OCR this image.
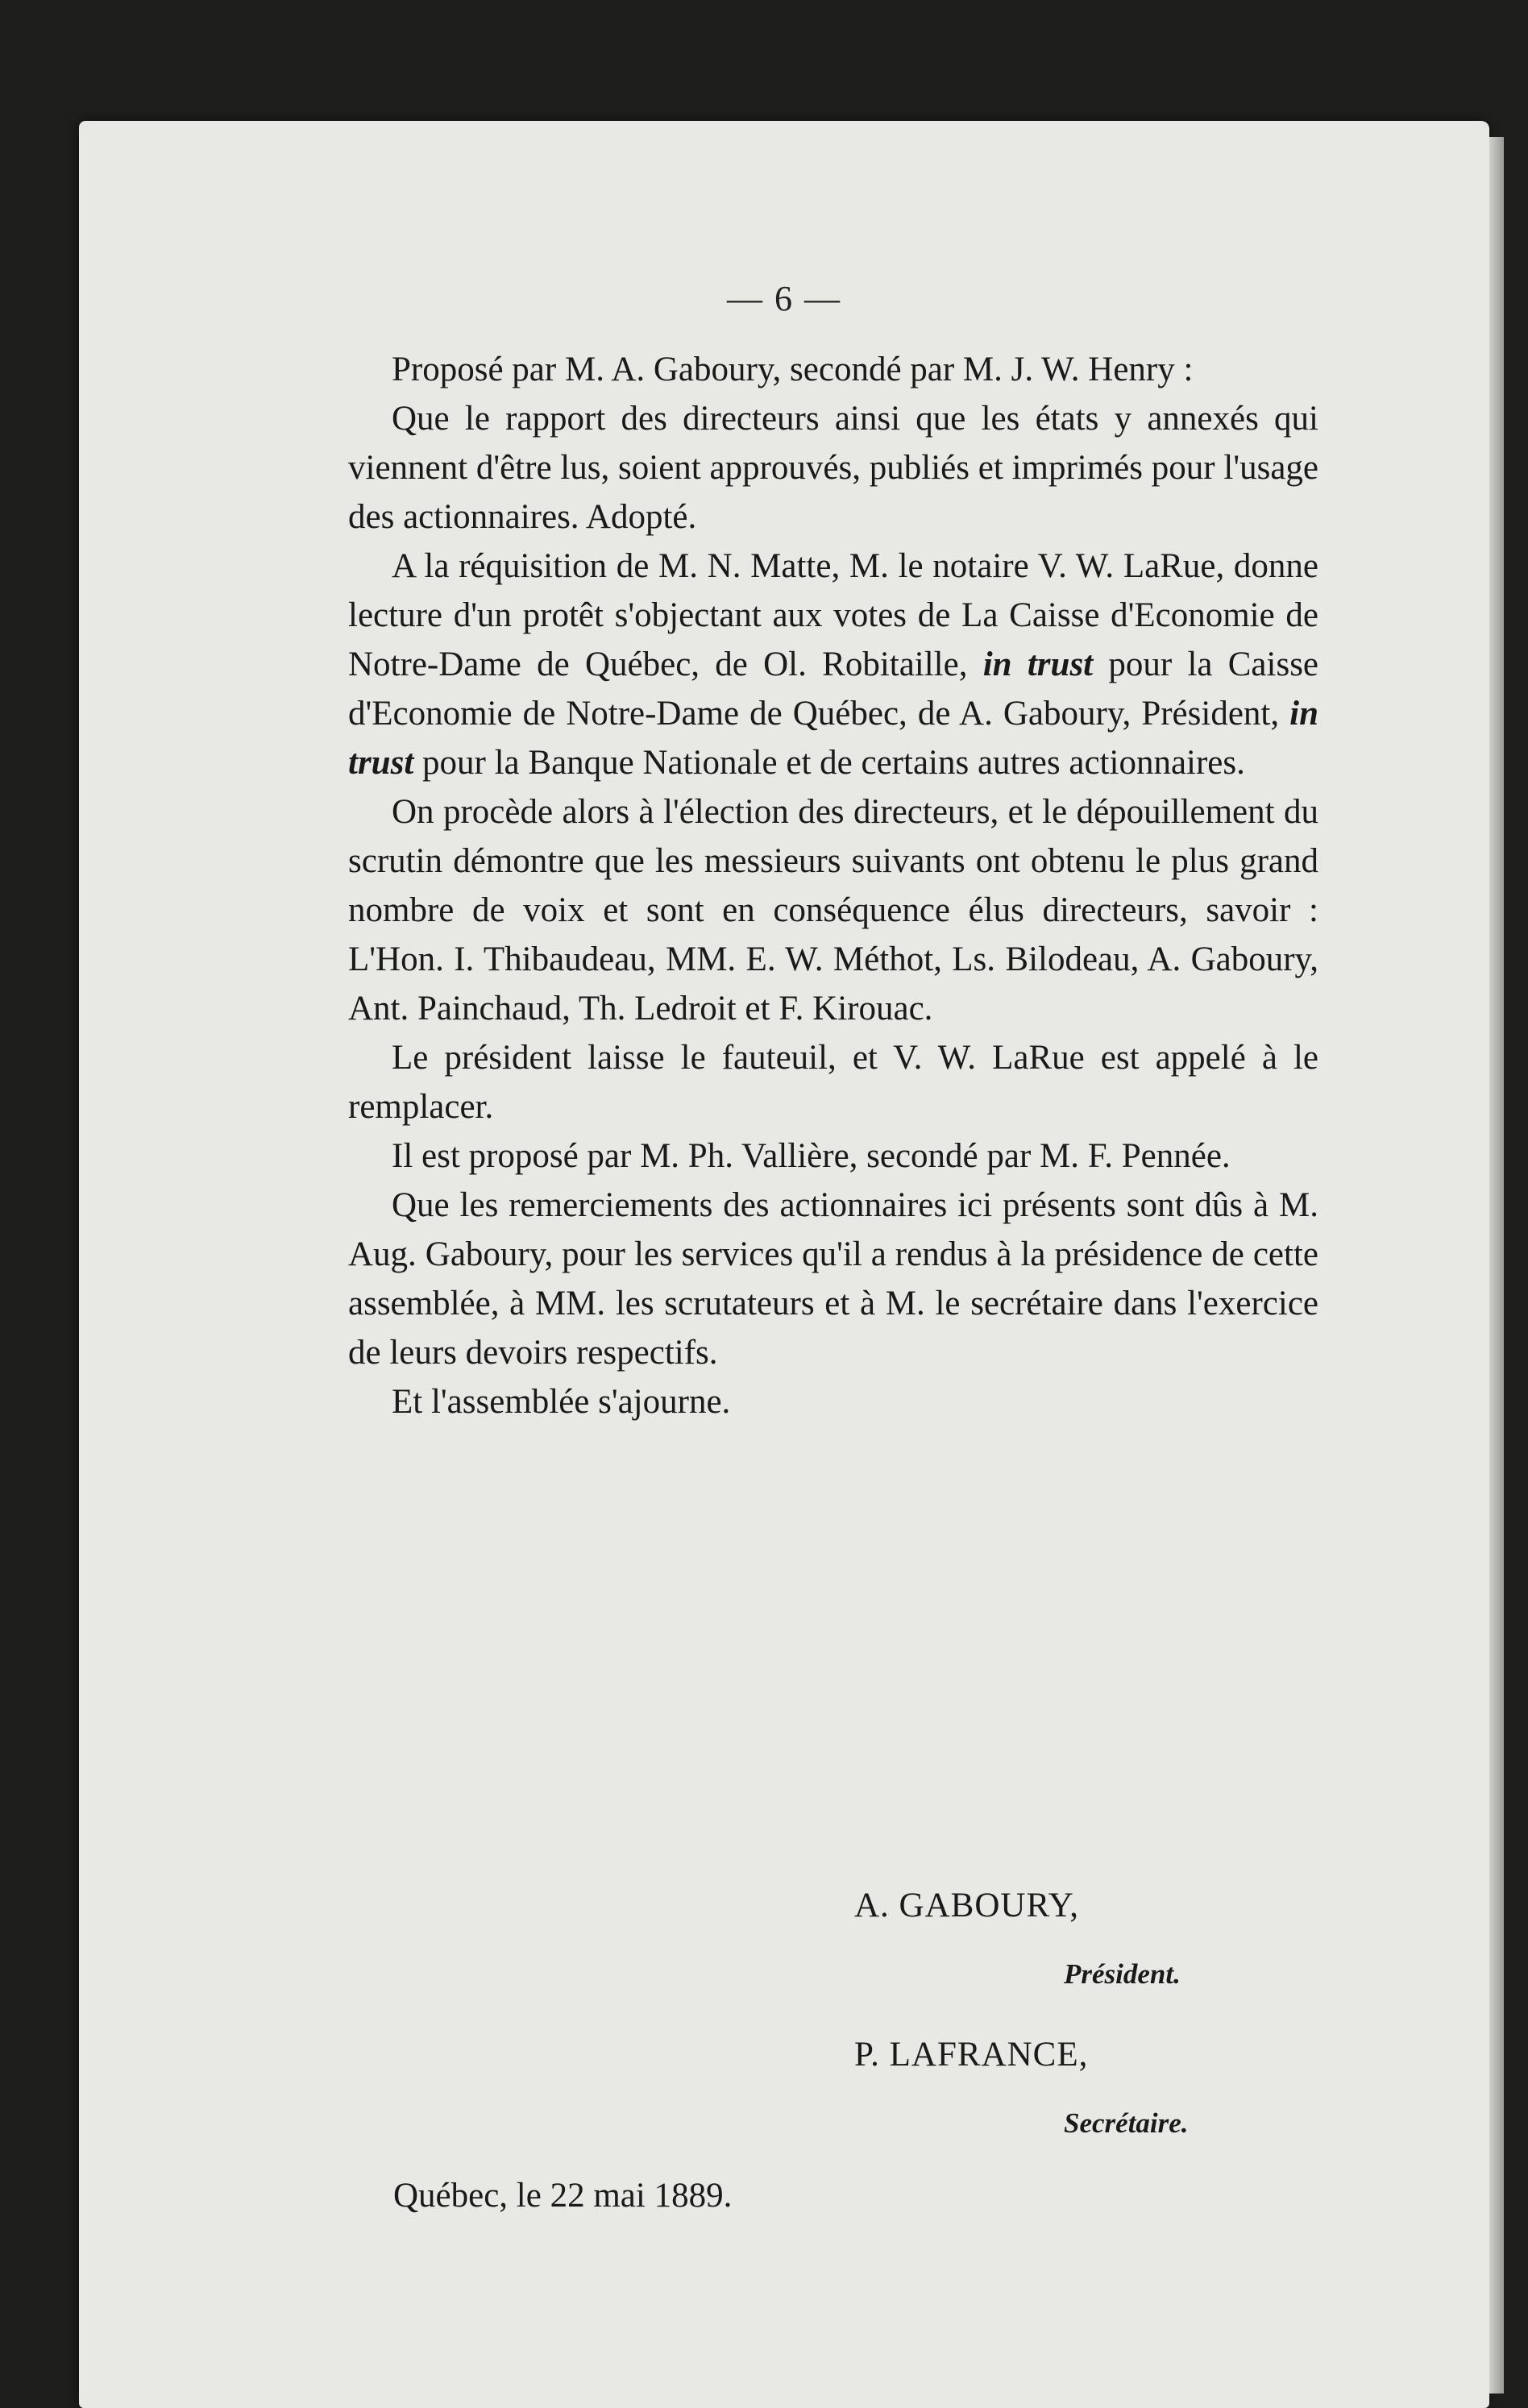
— 6 —

Proposé par M. A. Gaboury, secondé par M. J. W. Henry :

Que le rapport des directeurs ainsi que les états y annexés qui viennent d'être lus, soient approuvés, publiés et imprimés pour l'usage des actionnaires. Adopté.

A la réquisition de M. N. Matte, M. le notaire V. W. LaRue, donne lecture d'un protêt s'objectant aux votes de La Caisse d'Economie de Notre-Dame de Québec, de Ol. Robitaille, in trust pour la Caisse d'Economie de Notre-Dame de Québec, de A. Gaboury, Président, in trust pour la Banque Nationale et de certains autres actionnaires.

On procède alors à l'élection des directeurs, et le dépouillement du scrutin démontre que les messieurs suivants ont obtenu le plus grand nombre de voix et sont en conséquence élus directeurs, savoir : L'Hon. I. Thibaudeau, MM. E. W. Méthot, Ls. Bilodeau, A. Gaboury, Ant. Painchaud, Th. Ledroit et F. Kirouac.

Le président laisse le fauteuil, et V. W. LaRue est appelé à le remplacer.

Il est proposé par M. Ph. Vallière, secondé par M. F. Pennée.

Que les remerciements des actionnaires ici présents sont dûs à M. Aug. Gaboury, pour les services qu'il a rendus à la présidence de cette assemblée, à MM. les scrutateurs et à M. le secrétaire dans l'exercice de leurs devoirs respectifs.

Et l'assemblée s'ajourne.

A. GABOURY,
Président.
P. LAFRANCE,
Secrétaire.
Québec, le 22 mai 1889.
